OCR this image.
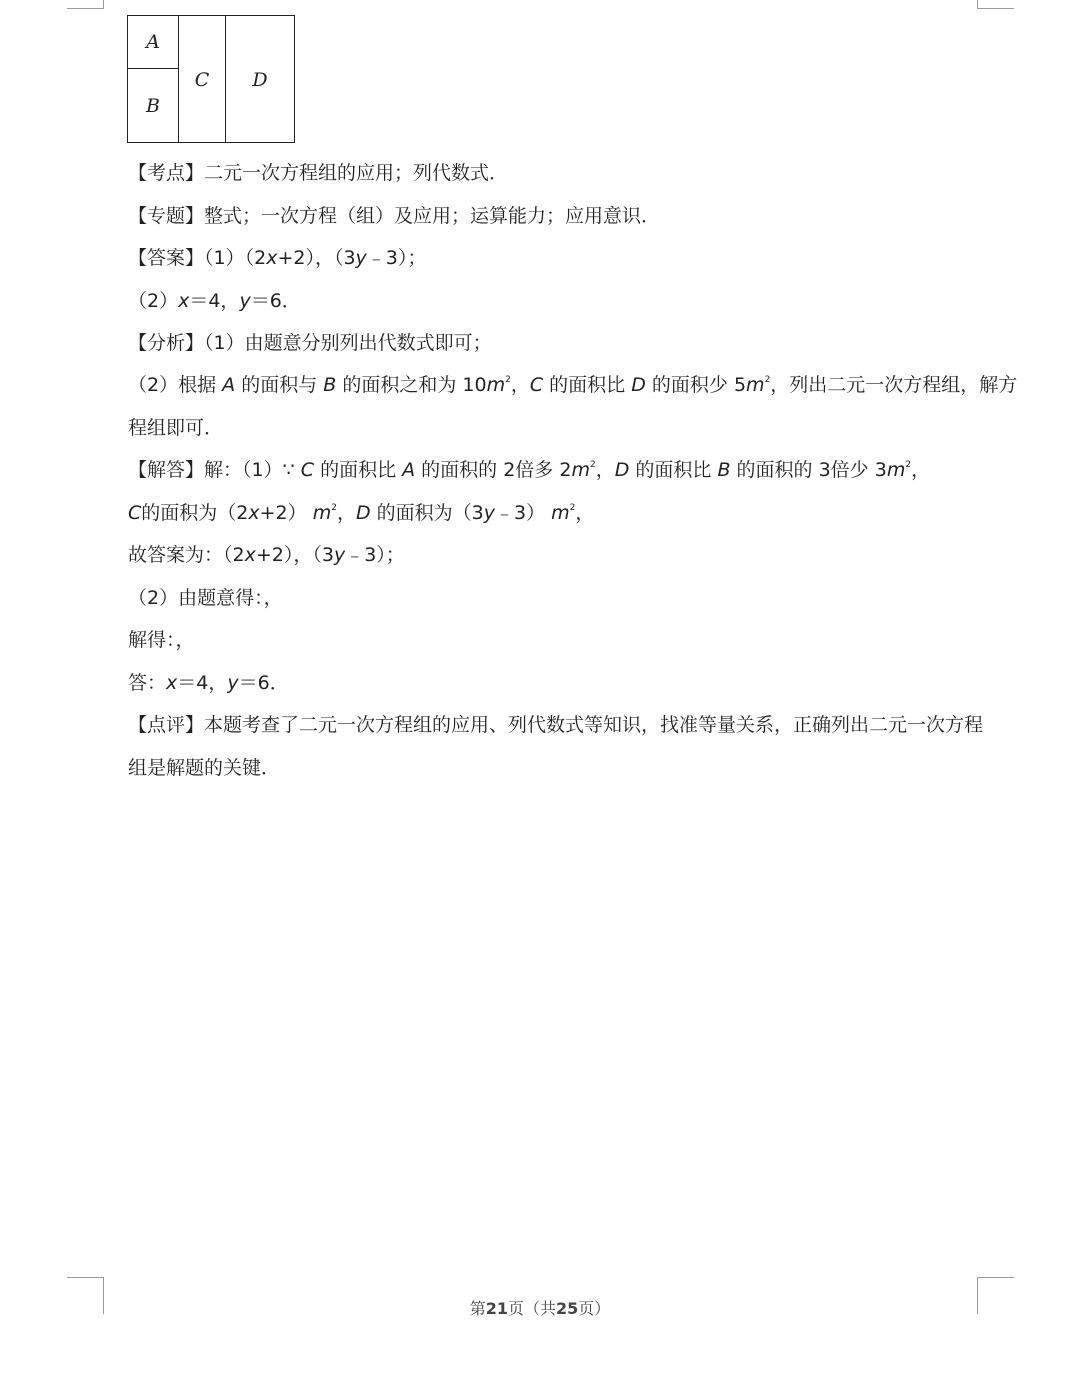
A
B
C	D
【考点】二元一次方程组的应用；列代数式．
【专题】整式；一次方程（组）及应用；运算能力；应用意识．
【答案】（1）（2x+2），（3y﹣3）；
（2）x＝4，y＝6．
【分析】（1）由题意分别列出代数式即可；
（2）根据 A 的面积与 B 的面积之和为 $10m^2$，C 的面积比 D 的面积少 $5m^2$，列出二元一次方程组，解方
程组即可．
【解答】解：（1）∵ C 的面积比 A 的面积的 2倍多 $2m^2$，D 的面积比 B 的面积的 3倍少 $3m^2$，
C的面积为（2x+2） $m^2$，D 的面积为（3y﹣3） $m^2$，
故答案为：（2x+2），（3y﹣3）；
（2）由题意得：，
解得：，
答：x＝4，y＝6．
【点评】本题考查了二元一次方程组的应用、列代数式等知识，找准等量关系，正确列出二元一次方程
组是解题的关键．
第21页（共25页）
